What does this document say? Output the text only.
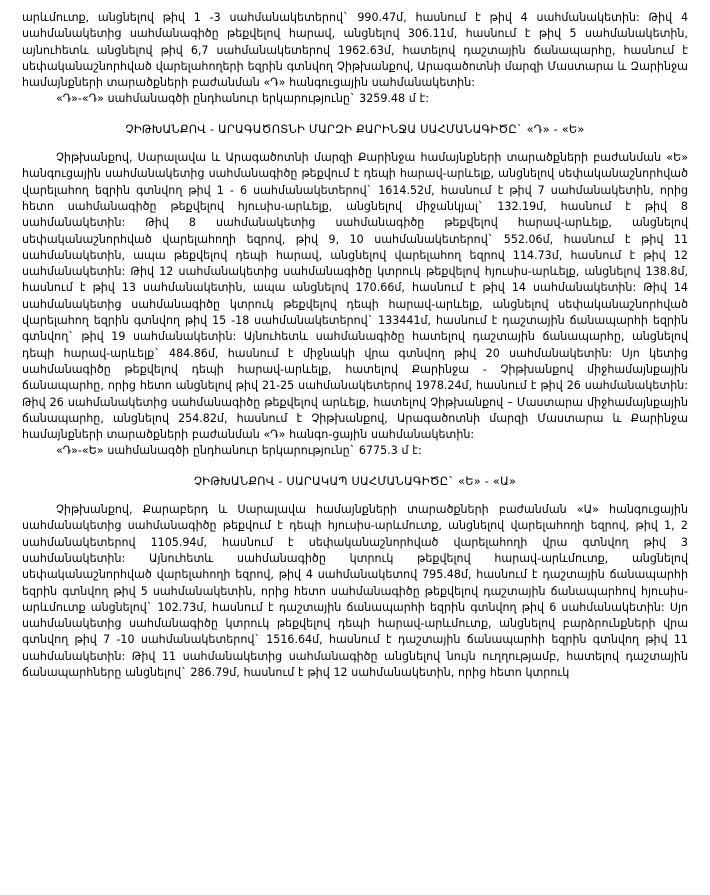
արևմուտք, անցնելով թիվ 1 -3 սահմանակետերով` 990.47մ, հասնում է թիվ 4 սահմանակետին: Թիվ 4 սահմանակետից սահմանագիծը թեքվելով հարավ, անցնելով 306.11մ, հասնում է թիվ 5 սահմանակետին, այնուհետև անցնելով թիվ 6,7 սահմանակետերով 1962.63մ, հատելով դաշտային ճանապարհը, հասնում է սեփականաշնորհված վարելահողերի եզրին գտնվող Չիթխանքով, Արագածոտնի մարզի Մաստարա և Զարինջա համայնքների տարածքների բաժանման «Դ» հանգուցային սահմանակետին:

«Դ»-«Դ» սահմանագծի ընդհանուր երկարությունը` 3259.48 մ է:

ՉԻԹԽԱՆՔՈՎ - ԱՐԱԳԱԾՈՏՆԻ ՄԱՐԶԻ ՔԱՐԻՆՋԱ ՍԱՀՄԱՆԱԳԻԾԸ` «Դ» - «Ե»

Չիթխանքով, Սարալավա և Արագածոտնի մարզի Քարինջա համայնքների տարածքների բաժանման «Ե» հանգուցային սահմանակետից սահմանագիծը թեքվում է դեպի հարավ-արևելք, անցնելով սեփականաշնորհված վարելահող եզրին գտնվող թիվ 1 - 6 սահմանակետերով` 1614.52մ, հասնում է թիվ 7 սահմանակետին, որից հետո սահմանագիծը թեքվելով հյուսիս-արևելք, անցնելով միջանկյալ` 132.19մ, հասնում է թիվ 8 սահմանակետին: Թիվ 8 սահմանակետից սահմանագիծը թեքվելով հարավ-արևելք, անցնելով սեփականաշնորհված վարելահողի եզրով, թիվ 9, 10 սահմանակետերով` 552.06մ, հասնում է թիվ 11 սահմանակետին, ապա թեքվելով դեպի հարավ, անցնելով վարելահող եզրով 114.73մ, հասնում է թիվ 12 սահմանակետին: Թիվ 12 սահմանակետից սահմանագիծը կտրուկ թեքվելով հյուսիս-արևելք, անցնելով 138.8մ, հասնում է թիվ 13 սահմանակետին, ապա անցնելով 170.66մ, հասնում է թիվ 14 սահմանակետին: Թիվ 14 սահմանակետից սահմանագիծը կտրուկ թեքվելով դեպի հարավ-արևելք, անցնելով սեփականաշնորհված վարելահող եզրին գտնվող թիվ 15 -18 սահմանակետերով` 133441մ, հասնում է դաշտային ճանապարհի եզրին գտնվող` թիվ 19 սահմանակետին: Այնուհետև սահմանագիծը հատելով դաշտային ճանապարհը, անցնելով դեպի հարավ-արևելք` 484.86մ, հասնում է միջնակի վրա գտնվող թիվ 20 սահմանակետին: Սյո կետից սահմանագիծը թեքվելով դեպի հարավ-արևելք, հատելով Քարինջա - Չիթխանքով միջհամայնքային ճանապարհը, որից հետո անցնելով թիվ 21-25 սահմանակետերով 1978.24մ, հասնում է թիվ 26 սահմանակետին: Թիվ 26 սահմանակետից սահմանագիծը թեքվելով արևելք, հատելով Չիթխանքով – Մաստարա միջհամայնքային ճանապարհը, անցնելով 254.82մ, հասնում է Չիթխանքով, Արագածոտնի մարզի Մաստարա և Քարինջա համայնքների տարածքների բաժանման «Դ» հանգո-ցային սահմանակետին:

«Դ»-«Ե» սահմանագծի ընդհանուր երկարությունը` 6775.3 մ է:

ՉԻԹԽԱՆՔՈՎ - ՍԱՐԱԿԱՊ ՍԱՀՄԱՆԱԳԻԾԸ` «Ե» - «Ա»

Չիթխանքով, Քարաբերդ և Սարալավա համայնքների տարածքների բաժանման «Ա» հանգուցային սահմանակետից սահմանագիծը թեքվում է դեպի հյուսիս-արևմուտք, անցնելով վարելահողի եզրով, թիվ 1, 2 սահմանակետերով 1105.94մ, հասնում է սեփականաշնորհված վարելահողի վրա գտնվող թիվ 3 սահմանակետին: Այնուհետև սահմանագիծը կտրուկ թեքվելով հարավ-արևմուտք, անցնելով սեփականաշնորհված վարելահողի եզրով, թիվ 4 սահմանակետով 795.48մ, հասնում է դաշտային ճանապարհի եզրին գտնվող թիվ 5 սահմանակետին, որից հետո սահմանագիծը թեքվելով դաշտային ճանապարհով հյուսիս-արևմուտք անցնելով` 102.73մ, հասնում է դաշտային ճանապարհի եզրին գտնվող թիվ 6 սահմանակետին: Սյո սահմանակետից սահմանագիծը կտրուկ թեքվելով դեպի հարավ-արևմուտք, անցնելով բարձրունքների վրա գտնվող թիվ 7 -10 սահմանակետերով` 1516.64մ, հասնում է դաշտային ճանապարհի եզրին գտնվող թիվ 11 սահմանակետին: Թիվ 11 սահմանակետից սահմանագիծը անցնելով նույն ուղղությամբ, հատելով դաշտային ճանապարհները անցնելով` 286.79մ, հասնում է թիվ 12 սահմանակետին, որից հետո կտրուկ
